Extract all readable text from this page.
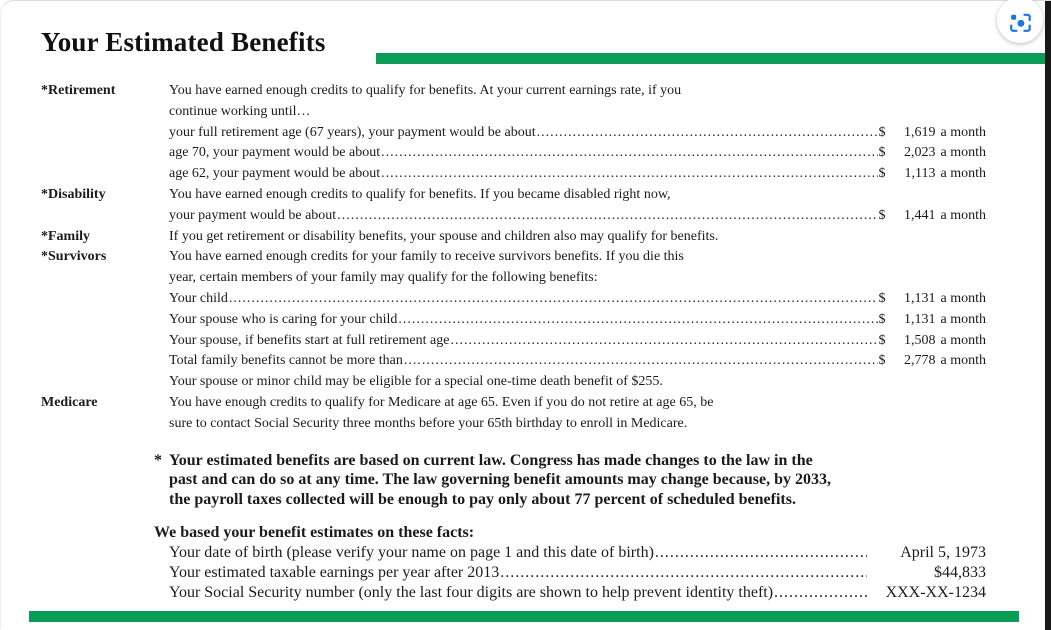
Your Estimated Benefits
*Retirement	You have earned enough credits to qualify for benefits. At your current earnings rate, if you
continue working until…
your full retirement age (67 years), your payment would be about .....	$	1,619 a month
age 70, your payment would be about .....	$	2,023 a month
age 62, your payment would be about .....	$	1,113 a month
*Disability	You have earned enough credits to qualify for benefits. If you became disabled right now,
your payment would be about .....	$	1,441 a month
*Family	If you get retirement or disability benefits, your spouse and children also may qualify for benefits.
*Survivors	You have earned enough credits for your family to receive survivors benefits. If you die this
year, certain members of your family may qualify for the following benefits:
Your child .....	$	1,131 a month
Your spouse who is caring for your child .....	$	1,131 a month
Your spouse, if benefits start at full retirement age .....	$	1,508 a month
Total family benefits cannot be more than .....	$	2,778 a month
Your spouse or minor child may be eligible for a special one-time death benefit of $255.
Medicare	You have enough credits to qualify for Medicare at age 65. Even if you do not retire at age 65, be
sure to contact Social Security three months before your 65th birthday to enroll in Medicare.
* Your estimated benefits are based on current law. Congress has made changes to the law in the
past and can do so at any time. The law governing benefit amounts may change because, by 2033,
the payroll taxes collected will be enough to pay only about 77 percent of scheduled benefits.
We based your benefit estimates on these facts:
Your date of birth (please verify your name on page 1 and this date of birth) .....	April 5, 1973
Your estimated taxable earnings per year after 2013 .....	$44,833
Your Social Security number (only the last four digits are shown to help prevent identity theft) .....	XXX-XX-1234
